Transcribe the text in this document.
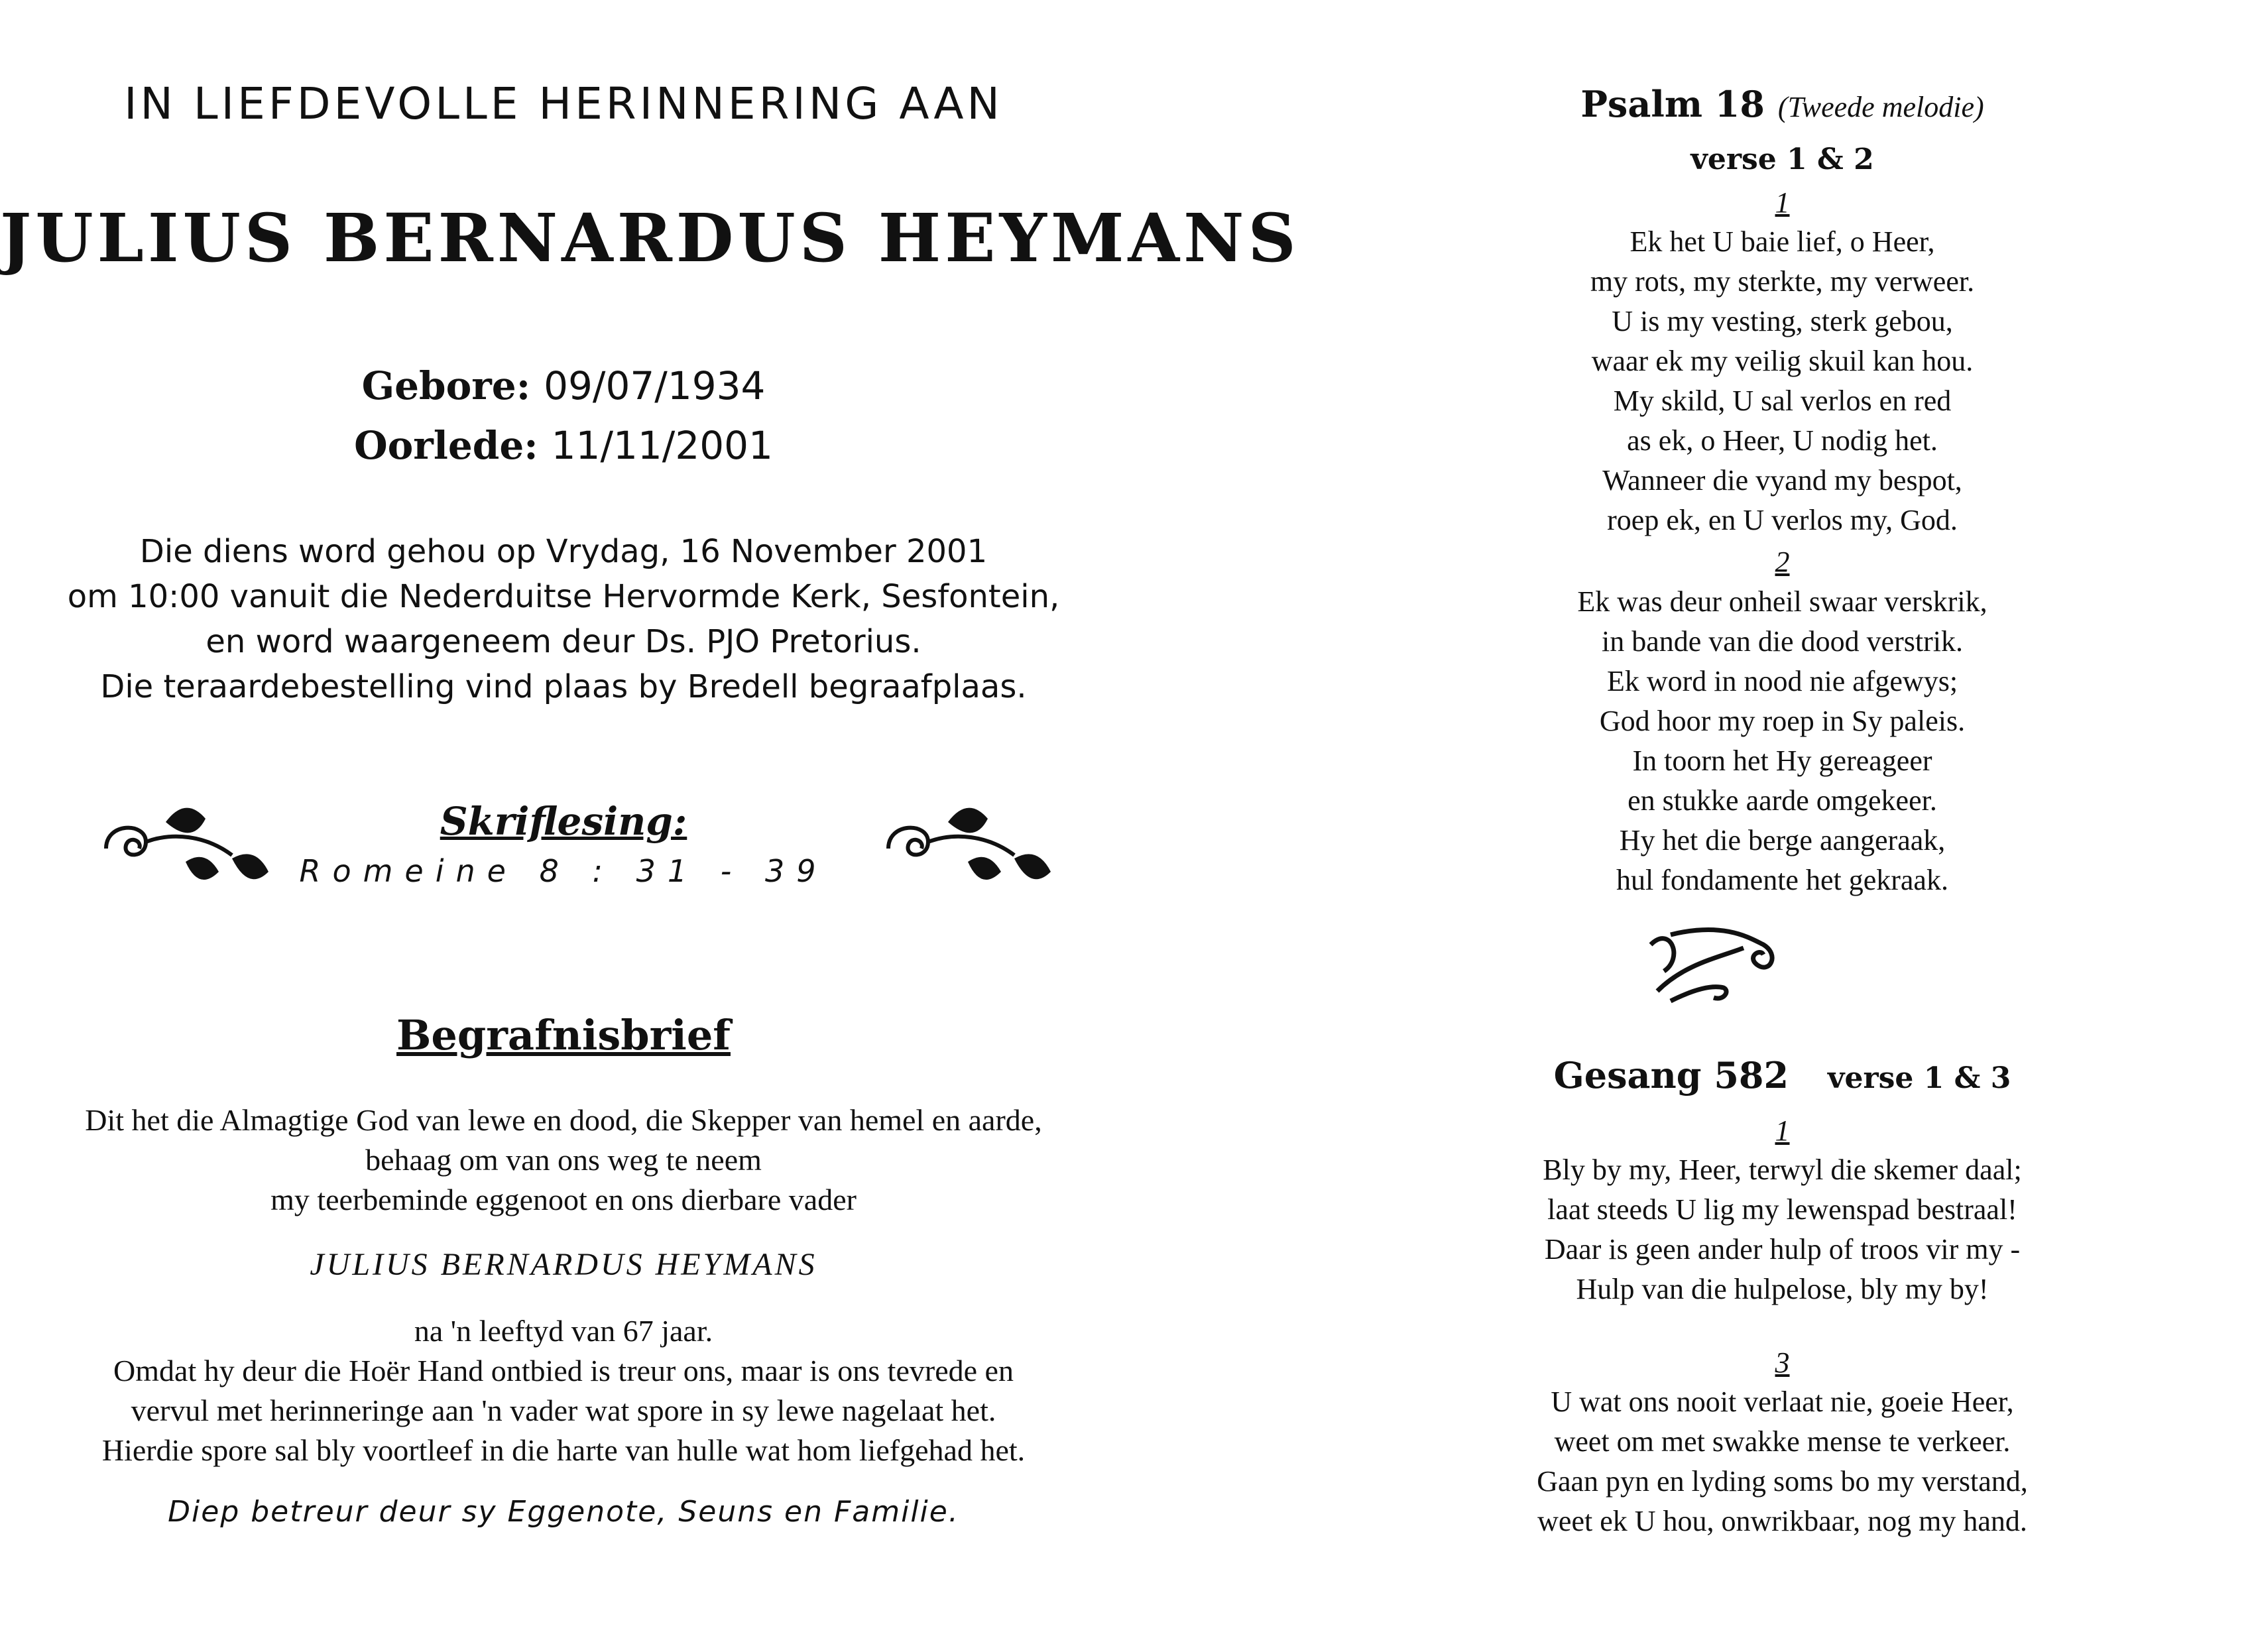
IN LIEFDEVOLLE HERINNERING AAN
JULIUS BERNARDUS HEYMANS
Gebore: 09/07/1934
Oorlede: 11/11/2001
Die diens word gehou op Vrydag, 16 November 2001
om 10:00 vanuit die Nederduitse Hervormde Kerk, Sesfontein,
en word waargeneem deur Ds. PJO Pretorius.
Die teraardebestelling vind plaas by Bredell begraafplaas.
Skriflesing:
Romeine 8 : 31 - 39
Begrafnisbrief
Dit het die Almagtige God van lewe en dood, die Skepper van hemel en aarde,
behaag om van ons weg te neem
my teerbeminde eggenoot en ons dierbare vader
JULIUS BERNARDUS HEYMANS
na 'n leeftyd van 67 jaar.
Omdat hy deur die Hoër Hand ontbied is treur ons, maar is ons tevrede en
vervul met herinneringe aan 'n vader wat spore in sy lewe nagelaat het.
Hierdie spore sal bly voortleef in die harte van hulle wat hom liefgehad het.
Diep betreur deur sy Eggenote, Seuns en Familie.
Psalm 18 (Tweede melodie)
verse 1 & 2
1
Ek het U baie lief, o Heer,
my rots, my sterkte, my verweer.
U is my vesting, sterk gebou,
waar ek my veilig skuil kan hou.
My skild, U sal verlos en red
as ek, o Heer, U nodig het.
Wanneer die vyand my bespot,
roep ek, en U verlos my, God.
2
Ek was deur onheil swaar verskrik,
in bande van die dood verstrik.
Ek word in nood nie afgewys;
God hoor my roep in Sy paleis.
In toorn het Hy gereageer
en stukke aarde omgekeer.
Hy het die berge aangeraak,
hul fondamente het gekraak.
Gesang 582 verse 1 & 3
1
Bly by my, Heer, terwyl die skemer daal;
laat steeds U lig my lewenspad bestraal!
Daar is geen ander hulp of troos vir my -
Hulp van die hulpelose, bly my by!
3
U wat ons nooit verlaat nie, goeie Heer,
weet om met swakke mense te verkeer.
Gaan pyn en lyding soms bo my verstand,
weet ek U hou, onwrikbaar, nog my hand.
